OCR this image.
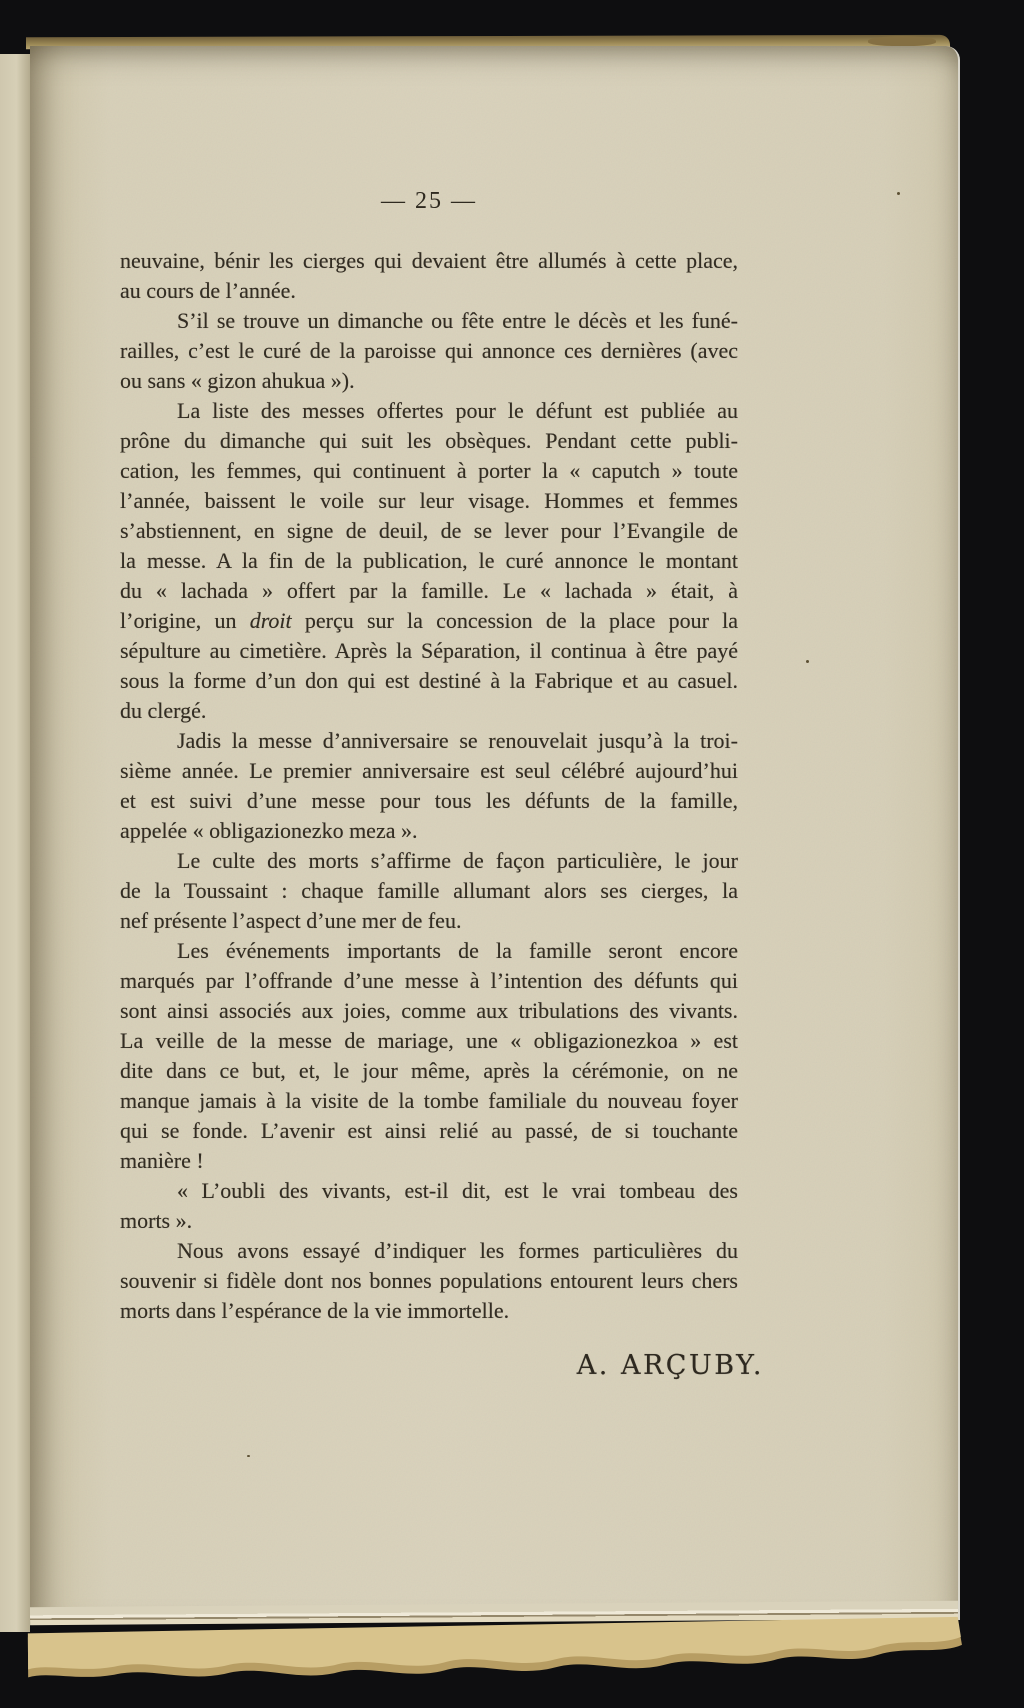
— 25 —
neuvaine, bénir les cierges qui devaient être allumés à cette place,
au cours de l’année.
S’il se trouve un dimanche ou fête entre le décès et les funé-
railles, c’est le curé de la paroisse qui annonce ces dernières (avec
ou sans « gizon ahukua »).
La liste des messes offertes pour le défunt est publiée au
prône du dimanche qui suit les obsèques. Pendant cette publi-
cation, les femmes, qui continuent à porter la « caputch » toute
l’année, baissent le voile sur leur visage. Hommes et femmes
s’abstiennent, en signe de deuil, de se lever pour l’Evangile de
la messe. A la fin de la publication, le curé annonce le montant
du « lachada » offert par la famille. Le « lachada » était, à
l’origine, un droit perçu sur la concession de la place pour la
sépulture au cimetière. Après la Séparation, il continua à être payé
sous la forme d’un don qui est destiné à la Fabrique et au casuel.
du clergé.
Jadis la messe d’anniversaire se renouvelait jusqu’à la troi-
sième année. Le premier anniversaire est seul célébré aujourd’hui
et est suivi d’une messe pour tous les défunts de la famille,
appelée « obligazionezko meza ».
Le culte des morts s’affirme de façon particulière, le jour
de la Toussaint : chaque famille allumant alors ses cierges, la
nef présente l’aspect d’une mer de feu.
Les événements importants de la famille seront encore
marqués par l’offrande d’une messe à l’intention des défunts qui
sont ainsi associés aux joies, comme aux tribulations des vivants.
La veille de la messe de mariage, une « obligazionezkoa » est
dite dans ce but, et, le jour même, après la cérémonie, on ne
manque jamais à la visite de la tombe familiale du nouveau foyer
qui se fonde. L’avenir est ainsi relié au passé, de si touchante
manière !
« L’oubli des vivants, est-il dit, est le vrai tombeau des
morts ».
Nous avons essayé d’indiquer les formes particulières du
souvenir si fidèle dont nos bonnes populations entourent leurs chers
morts dans l’espérance de la vie immortelle.
A. ARÇUBY.
